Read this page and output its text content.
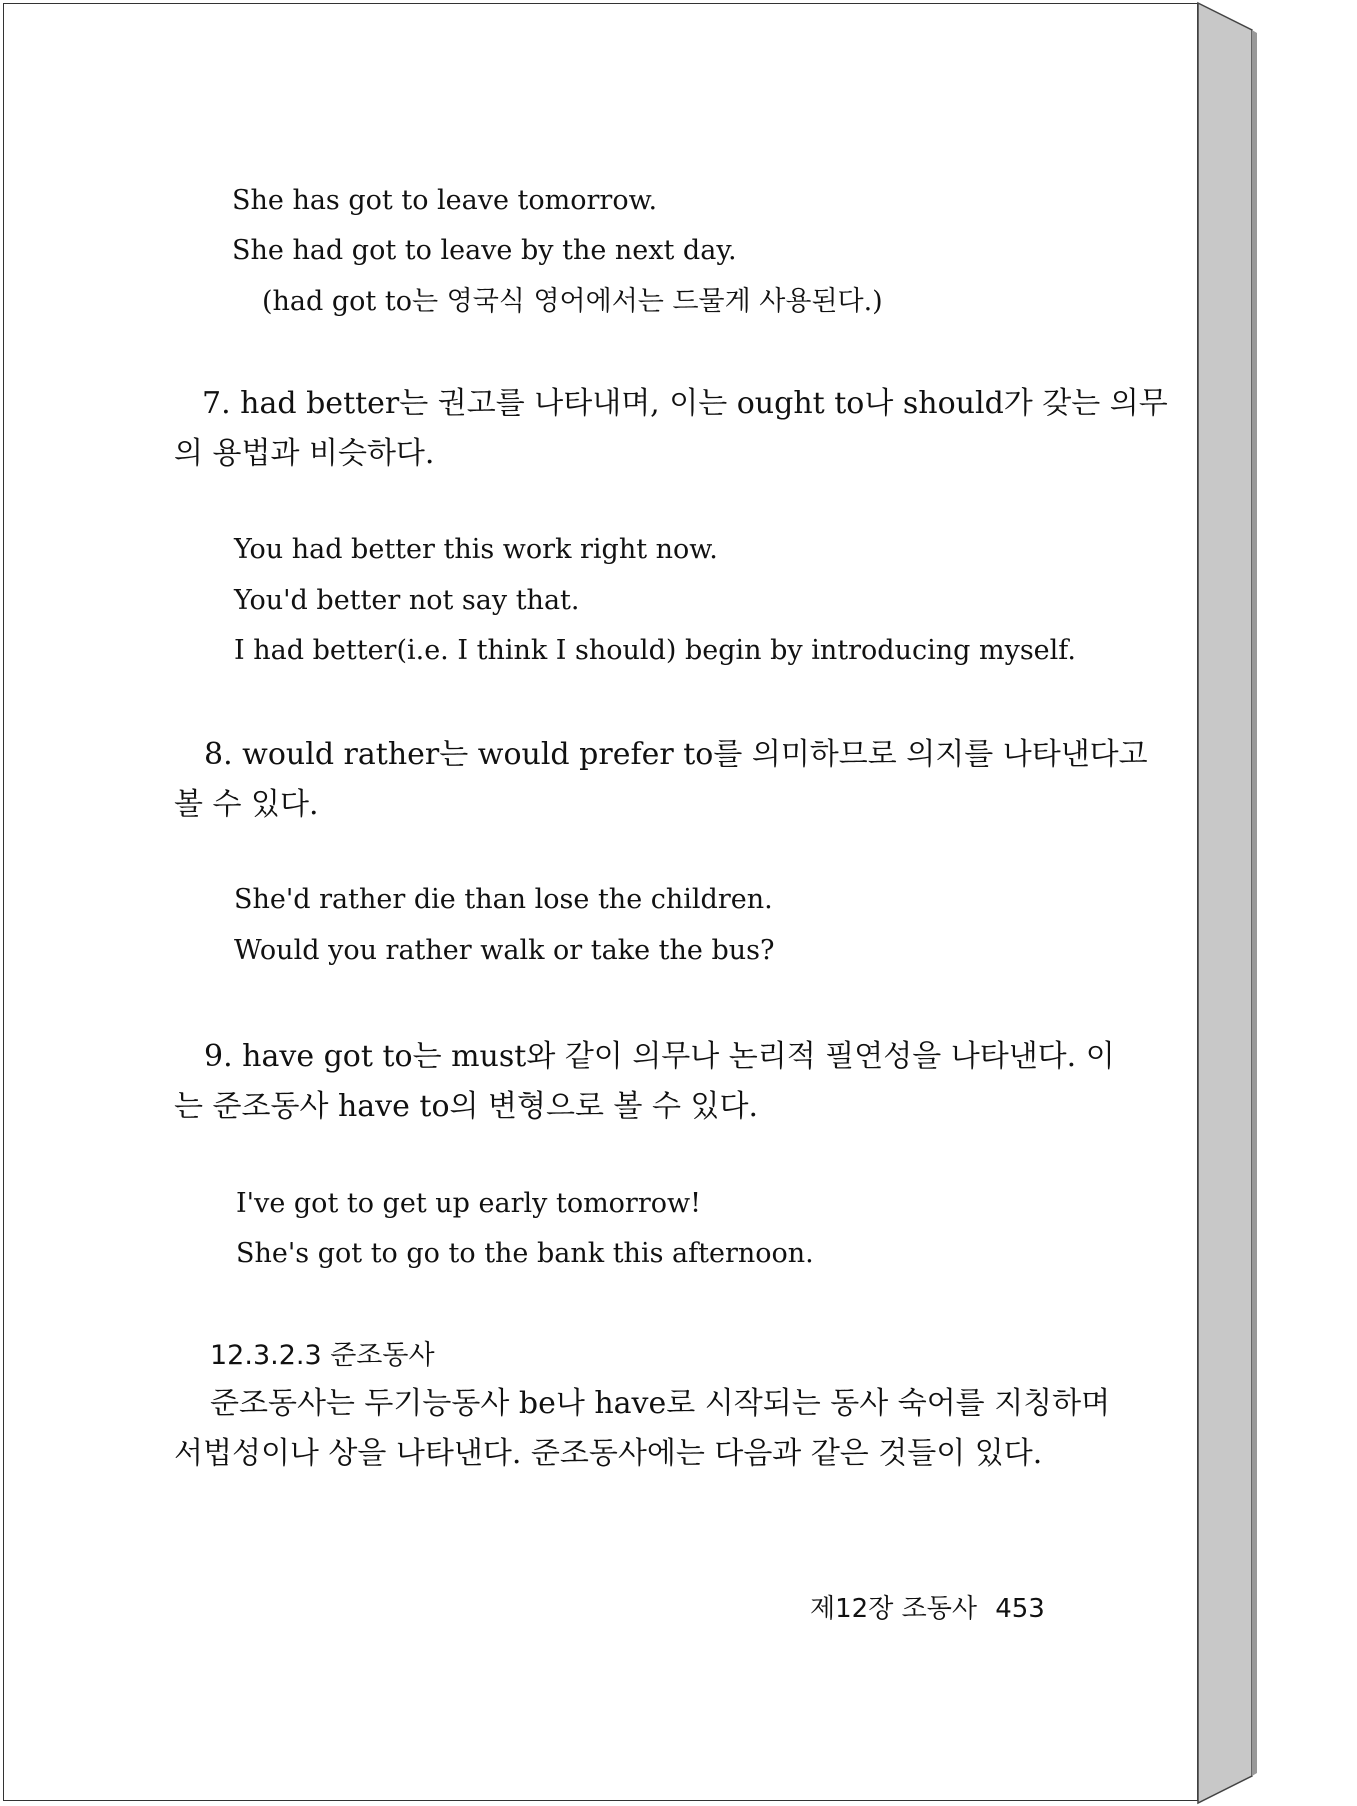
She has got to leave tomorrow.
She had got to leave by the next day.
(had got to는 영국식 영어에서는 드물게 사용된다.)
7. had better는 권고를 나타내며, 이는 ought to나 should가 갖는 의무
의 용법과 비슷하다.
You had better this work right now.
You'd better not say that.
I had better(i.e. I think I should) begin by introducing myself.
8. would rather는 would prefer to를 의미하므로 의지를 나타낸다고
볼 수 있다.
She'd rather die than lose the children.
Would you rather walk or take the bus?
9. have got to는 must와 같이 의무나 논리적 필연성을 나타낸다. 이
는 준조동사 have to의 변형으로 볼 수 있다.
I've got to get up early tomorrow!
She's got to go to the bank this afternoon.
12.3.2.3 준조동사
준조동사는 두기능동사 be나 have로 시작되는 동사 숙어를 지칭하며
서법성이나 상을 나타낸다. 준조동사에는 다음과 같은 것들이 있다.
제12장 조동사 453
